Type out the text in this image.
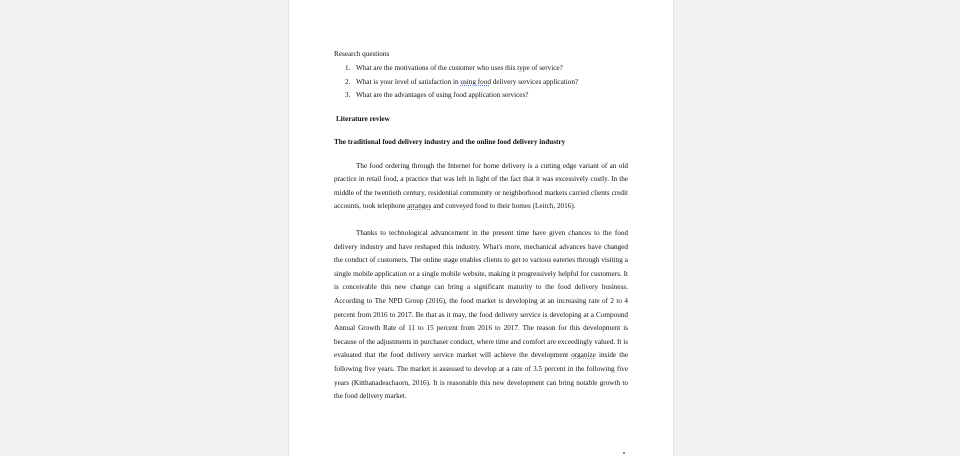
Research questions
1. What are the motivations of the customer who uses this type of service?
2. What is your level of satisfaction in using food delivery services application?
3. What are the advantages of using food application services?
Literature review
The traditional food delivery industry and the online food delivery industry

The food ordering through the Internet for home delivery is a cutting edge variant of an old practice in retail food, a practice that was left in light of the fact that it was excessively costly. In the middle of the twentieth century, residential community or neighborhood markets carried clients credit accounts, took telephone arranges and conveyed food to their homes (Leitch, 2016).

Thanks to technological advancement in the present time have given chances to the food delivery industry and have reshaped this industry. What's more, mechanical advances have changed the conduct of customers. The online stage enables clients to get to various eateries through visiting a single mobile application or a single mobile website, making it progressively helpful for customers. It is conceivable this new change can bring a significant maturity to the food delivery business. According to The NPD Group (2016), the food market is developing at an increasing rate of 2 to 4 percent from 2016 to 2017. Be that as it may, the food delivery service is developing at a Compound Annual Growth Rate of 11 to 15 percent from 2016 to 2017. The reason for this development is because of the adjustments in purchaser conduct, where time and comfort are exceedingly valued. It is evaluated that the food delivery service market will achieve the development organize inside the following five years. The market is assessed to develop at a rate of 3.5 percent in the following five years (Kitthanadeachaorn, 2016). It is reasonable this new development can bring notable growth to the food delivery market.
